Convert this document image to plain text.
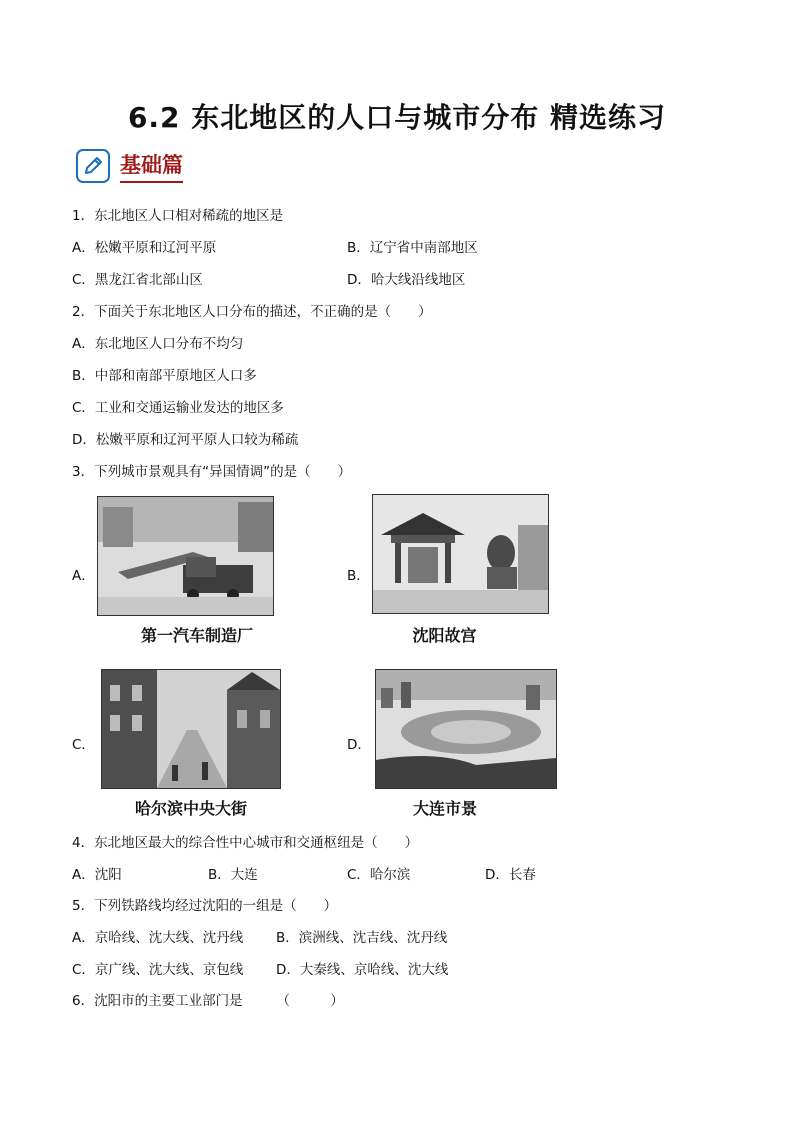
6.2 东北地区的人口与城市分布 精选练习
基础篇
1．东北地区人口相对稀疏的地区是
A．松嫩平原和辽河平原	B．辽宁省中南部地区
C．黑龙江省北部山区	D．哈大线沿线地区
2．下面关于东北地区人口分布的描述，不正确的是（　　）
A．东北地区人口分布不均匀
B．中部和南部平原地区人口多
C．工业和交通运输业发达的地区多
D．松嫩平原和辽河平原人口较为稀疏
3．下列城市景观具有“异国情调”的是（　　）
A．
第一汽车制造厂
B．
沈阳故宫
C．
哈尔滨中央大街
D．
大连市景
4．东北地区最大的综合性中心城市和交通枢纽是（　　）
A．沈阳	B．大连	C．哈尔滨	D．长春
5．下列铁路线均经过沈阳的一组是（　　）
A．京哈线、沈大线、沈丹线 B．滨洲线、沈吉线、沈丹线
C．京广线、沈大线、京包线 D．大秦线、京哈线、沈大线
6．沈阳市的主要工业部门是　　　（　　　）
